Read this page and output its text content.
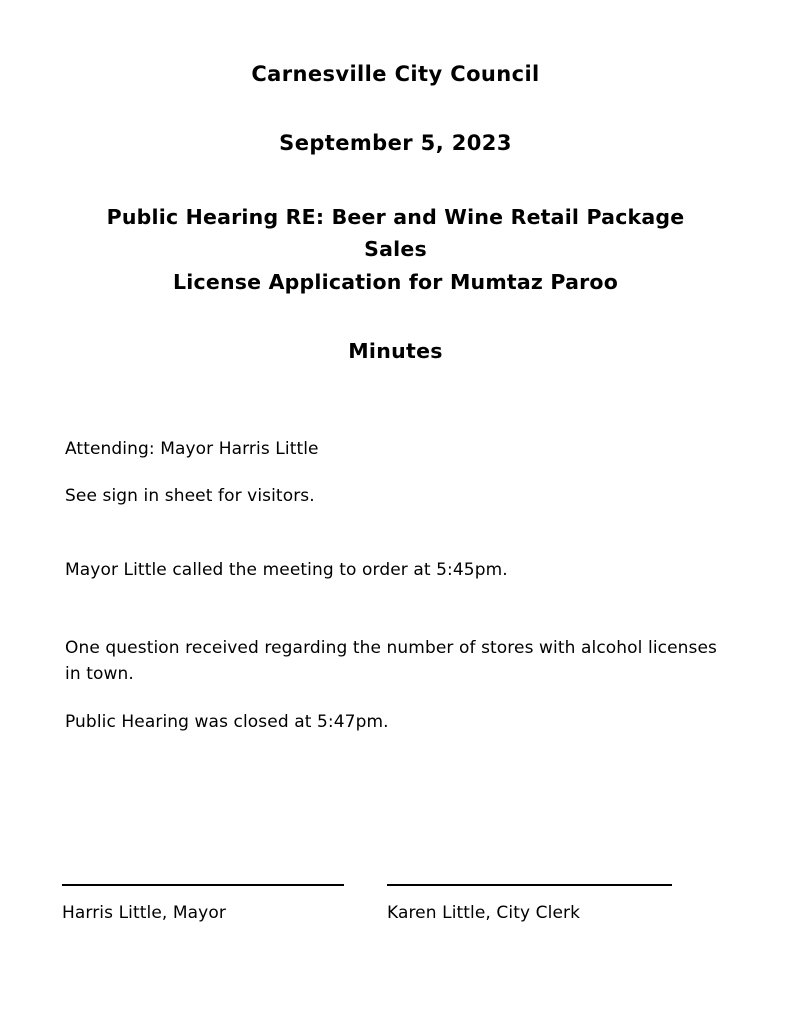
Carnesville City Council
September 5, 2023
Public Hearing RE: Beer and Wine Retail Package Sales
License Application for Mumtaz Paroo
Minutes

Attending: Mayor Harris Little

See sign in sheet for visitors.

Mayor Little called the meeting to order at 5:45pm.

One question received regarding the number of stores with alcohol licenses in town.

Public Hearing was closed at 5:47pm.

Harris Little, Mayor	Karen Little, City Clerk
